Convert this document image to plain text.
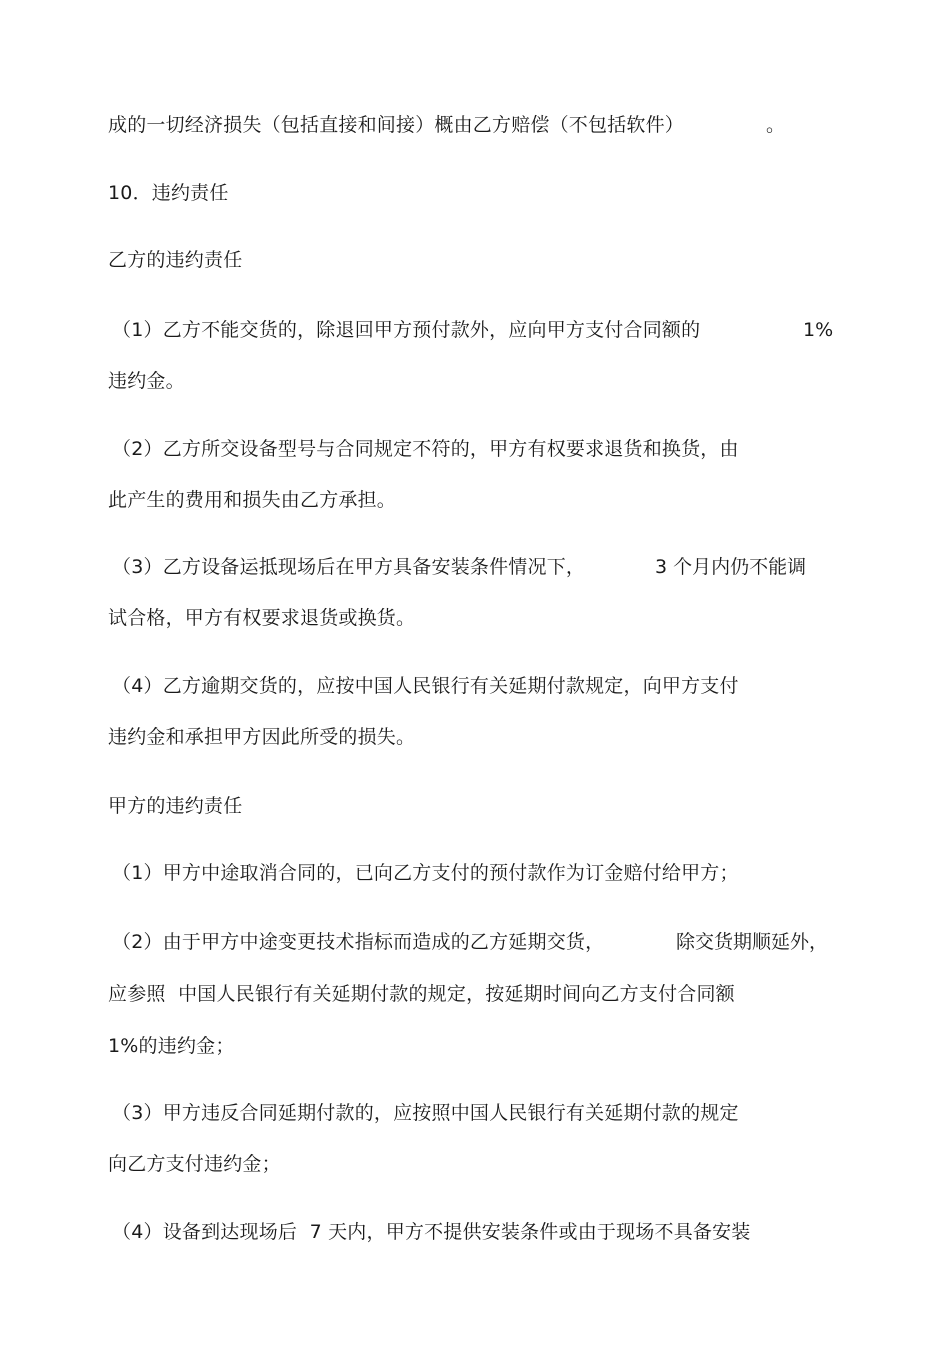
成的一切经济损失（包括直接和间接）概由乙方赔偿（不包括软件）	。
10．违约责任
乙方的违约责任
（1）乙方不能交货的，除退回甲方预付款外，应向甲方支付合同额的	1%
违约金。
（2）乙方所交设备型号与合同规定不符的，甲方有权要求退货和换货，由
此产生的费用和损失由乙方承担。
（3）乙方设备运抵现场后在甲方具备安装条件情况下，	3 个月内仍不能调
试合格，甲方有权要求退货或换货。
（4）乙方逾期交货的，应按中国人民银行有关延期付款规定，向甲方支付
违约金和承担甲方因此所受的损失。
甲方的违约责任
（1）甲方中途取消合同的，已向乙方支付的预付款作为订金赔付给甲方；
（2）由于甲方中途变更技术指标而造成的乙方延期交货，	除交货期顺延外，
应参照  中国人民银行有关延期付款的规定，按延期时间向乙方支付合同额
1%的违约金；
（3）甲方违反合同延期付款的，应按照中国人民银行有关延期付款的规定
向乙方支付违约金；
（4）设备到达现场后  7 天内，甲方不提供安装条件或由于现场不具备安装
